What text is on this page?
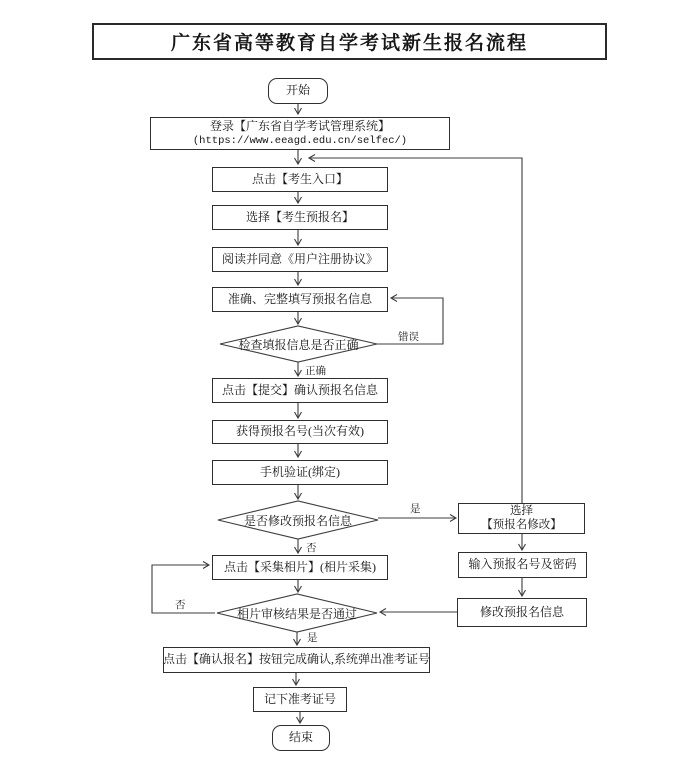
广东省高等教育自学考试新生报名流程
开始
登录【广东省自学考试管理系统】
(https://www.eeagd.edu.cn/selfec/)
点击【考生入口】
选择【考生预报名】
阅读并同意《用户注册协议》
准确、完整填写预报名信息
检查填报信息是否正确
点击【提交】确认预报名信息
获得预报名号(当次有效)
手机验证(绑定)
是否修改预报名信息
点击【采集相片】(相片采集)
相片审核结果是否通过
点击【确认报名】按钮完成确认,系统弹出准考证号
记下准考证号
结束
选择
【预报名修改】
输入预报名号及密码
修改预报名信息
错误
正确
是
否
否
是
